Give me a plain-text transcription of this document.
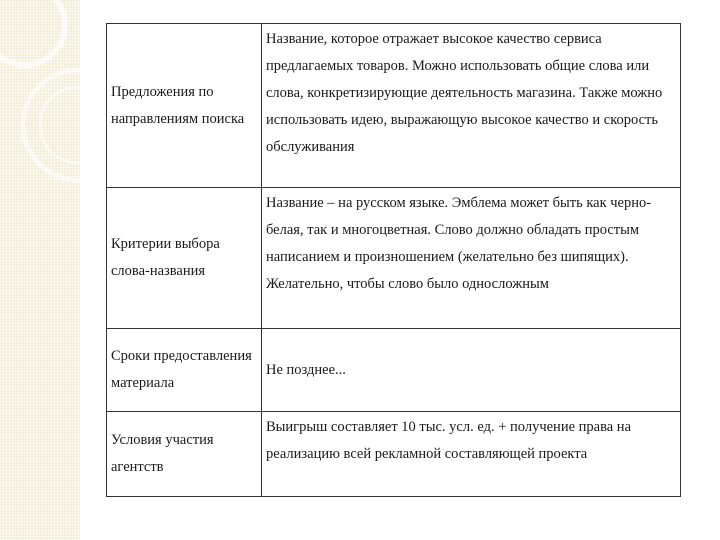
Предложения по направлениям поиска	Название, которое отражает высокое качество сервиса предлагаемых товаров. Можно использовать общие слова или слова, конкретизирующие деятельность магазина. Также можно использовать идею, выражающую высокое качество и скорость обслуживания
Критерии выбора слова-названия	Название – на русском языке. Эмблема может быть как черно-белая, так и многоцветная. Слово должно обладать простым написанием и произношением (желательно без шипящих). Желательно, чтобы слово было односложным
Сроки предоставления материала	Не позднее...
Условия участия агентств	Выигрыш составляет 10 тыс. усл. ед. + получение права на реализацию всей рекламной составляющей проекта
